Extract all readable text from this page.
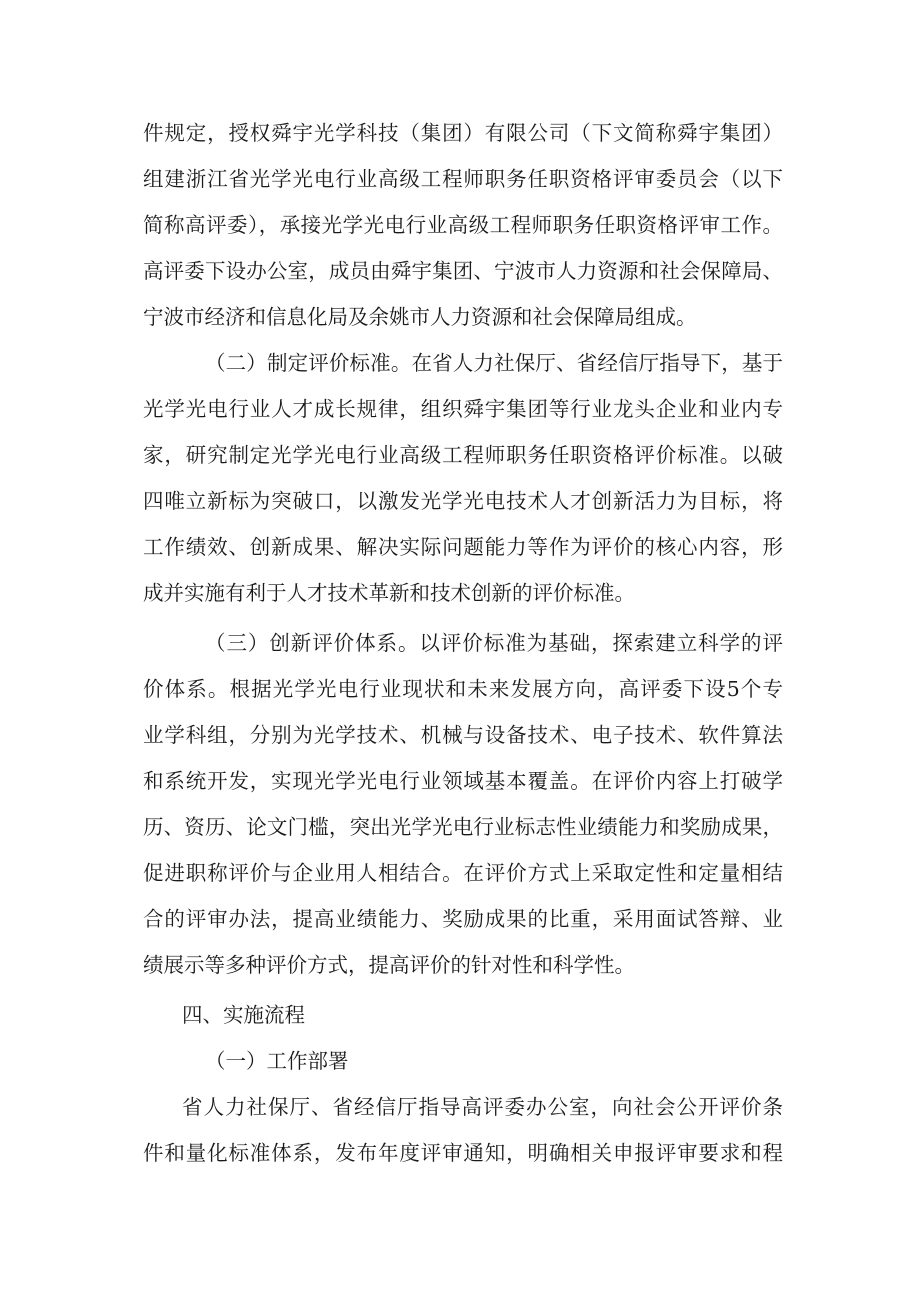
件规定，授权舜宇光学科技（集团）有限公司（下文简称舜宇集团）
组建浙江省光学光电行业高级工程师职务任职资格评审委员会（以下
简称高评委），承接光学光电行业高级工程师职务任职资格评审工作。
高评委下设办公室，成员由舜宇集团、宁波市人力资源和社会保障局、
宁波市经济和信息化局及余姚市人力资源和社会保障局组成。
（二）制定评价标准。在省人力社保厅、省经信厅指导下，基于
光学光电行业人才成长规律，组织舜宇集团等行业龙头企业和业内专
家，研究制定光学光电行业高级工程师职务任职资格评价标准。以破
四唯立新标为突破口，以激发光学光电技术人才创新活力为目标，将
工作绩效、创新成果、解决实际问题能力等作为评价的核心内容，形
成并实施有利于人才技术革新和技术创新的评价标准。
（三）创新评价体系。以评价标准为基础，探索建立科学的评
价体系。根据光学光电行业现状和未来发展方向，高评委下设5个专
业学科组，分别为光学技术、机械与设备技术、电子技术、软件算法
和系统开发，实现光学光电行业领域基本覆盖。在评价内容上打破学
历、资历、论文门槛，突出光学光电行业标志性业绩能力和奖励成果，
促进职称评价与企业用人相结合。在评价方式上采取定性和定量相结
合的评审办法，提高业绩能力、奖励成果的比重，采用面试答辩、业
绩展示等多种评价方式，提高评价的针对性和科学性。
四、实施流程
（一）工作部署
省人力社保厅、省经信厅指导高评委办公室，向社会公开评价条
件和量化标准体系，发布年度评审通知，明确相关申报评审要求和程
